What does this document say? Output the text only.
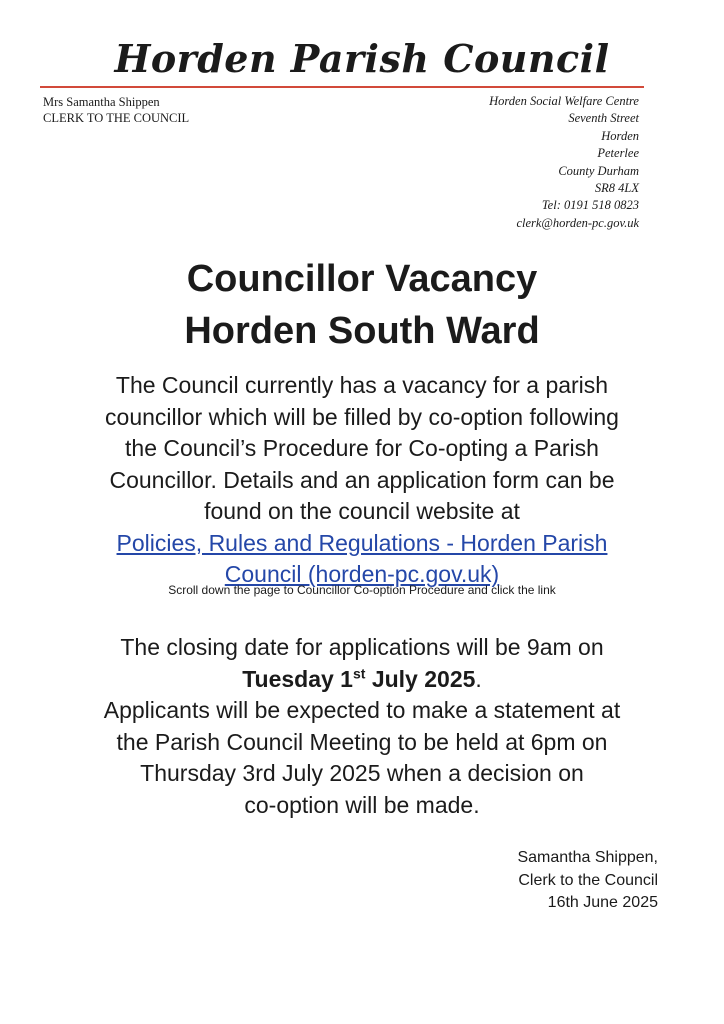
Horden Parish Council
Mrs Samantha Shippen
CLERK TO THE COUNCIL
Horden Social Welfare Centre
Seventh Street
Horden
Peterlee
County Durham
SR8 4LX
Tel: 0191 518 0823
clerk@horden-pc.gov.uk
Councillor Vacancy
Horden South Ward
The Council currently has a vacancy for a parish
councillor which will be filled by co-option following
the Council’s Procedure for Co-opting a Parish
Councillor. Details and an application form can be
found on the council website at
Policies, Rules and Regulations - Horden Parish
Council (horden-pc.gov.uk)
Scroll down the page to Councillor Co-option Procedure and click the link
The closing date for applications will be 9am on
Tuesday 1st July 2025.
Applicants will be expected to make a statement at
the Parish Council Meeting to be held at 6pm on
Thursday 3rd July 2025 when a decision on
co-option will be made.
Samantha Shippen,
Clerk to the Council
16th June 2025
